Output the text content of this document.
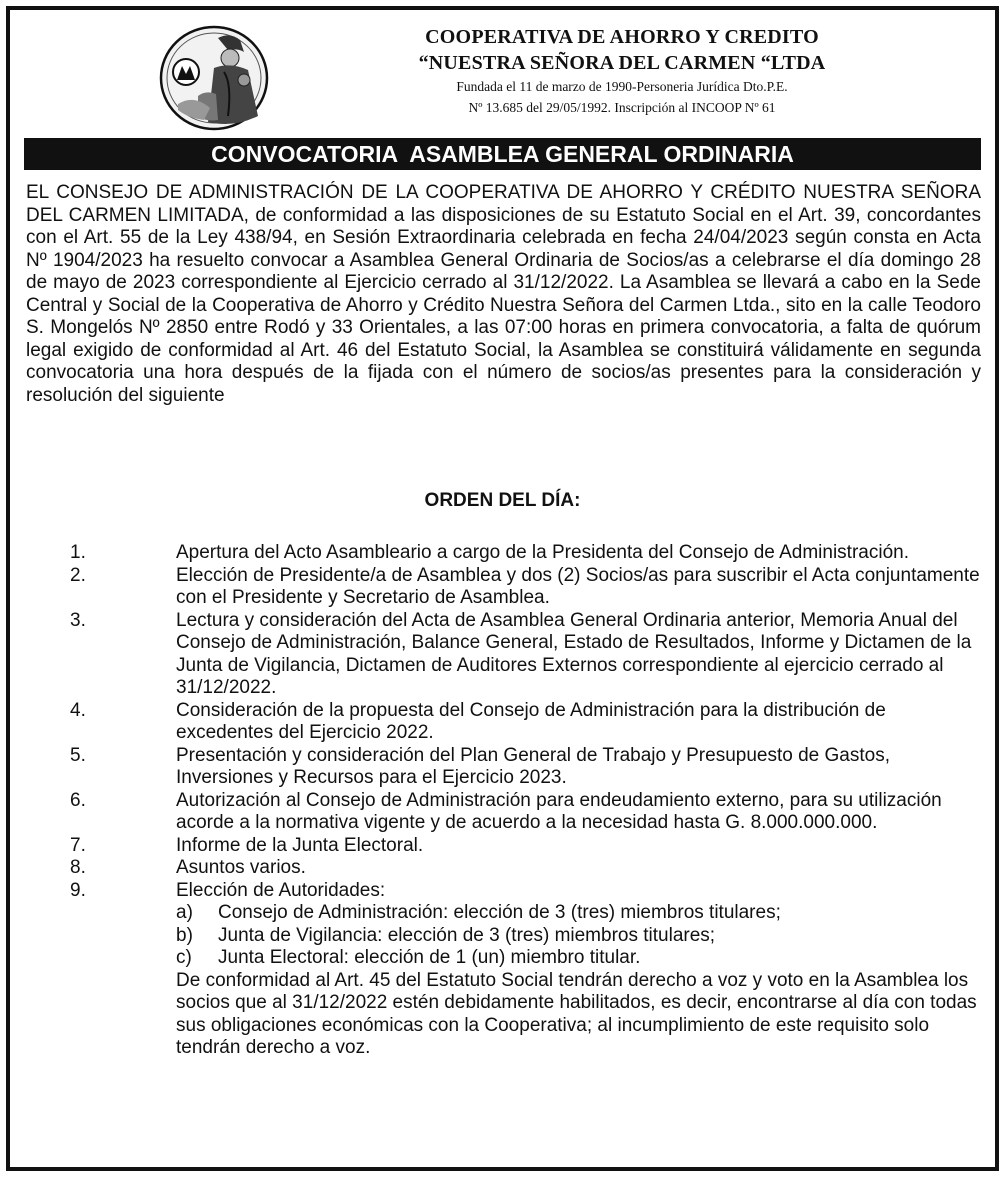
COOPERATIVA DE AHORRO Y CREDITO
“NUESTRA SEÑORA DEL CARMEN “LTDA
Fundada el 11 de marzo de 1990-Personeria Jurídica Dto.P.E.
Nº 13.685 del 29/05/1992. Inscripción al INCOOP Nº 61
CONVOCATORIA  ASAMBLEA GENERAL ORDINARIA

EL CONSEJO DE ADMINISTRACIÓN DE LA COOPERATIVA DE AHORRO Y CRÉDITO NUESTRA SEÑORA DEL CARMEN LIMITADA, de conformidad a las disposiciones de su Estatuto Social en el Art. 39, concordantes con el Art. 55 de la Ley 438/94, en Sesión Extraordinaria celebrada en fecha 24/04/2023 según consta en Acta Nº 1904/2023 ha resuelto convocar a Asamblea General Ordinaria de Socios/as a celebrarse el día domingo 28 de mayo de 2023 correspondiente al Ejercicio cerrado al 31/12/2022. La Asamblea se llevará a cabo en la Sede Central y Social de la Cooperativa de Ahorro y Crédito Nuestra Señora del Carmen Ltda., sito en la calle Teodoro S. Mongelós Nº 2850 entre Rodó y 33 Orientales, a las 07:00 horas en primera convocatoria, a falta de quórum legal exigido de conformidad al Art. 46 del Estatuto Social, la Asamblea se constituirá válidamente en segunda convocatoria una hora después de la fijada con el número de socios/as presentes para la consideración y resolución del siguiente

ORDEN DEL DÍA:
1.	Apertura del Acto Asambleario a cargo de la Presidenta del Consejo de Administración.
2.	Elección de Presidente/a de Asamblea y dos (2) Socios/as para suscribir el Acta conjuntamente con el Presidente y Secretario de Asamblea.
3.	Lectura y consideración del Acta de Asamblea General Ordinaria anterior, Memoria Anual del Consejo de Administración, Balance General, Estado de Resultados, Informe y Dictamen de la Junta de Vigilancia, Dictamen de Auditores Externos correspondiente al ejercicio cerrado al 31/12/2022.
4.	Consideración de la propuesta del Consejo de Administración para la distribución de excedentes del Ejercicio 2022.
5.	Presentación y consideración del Plan General de Trabajo y Presupuesto de Gastos, Inversiones y Recursos para el Ejercicio 2023.
6.	Autorización al Consejo de Administración para endeudamiento externo, para su utilización acorde a la normativa vigente y de acuerdo a la necesidad hasta G. 8.000.000.000.
7.	Informe de la Junta Electoral.
8.	Asuntos varios.
9.	Elección de Autoridades:
a) Consejo de Administración: elección de 3 (tres) miembros titulares;
b) Junta de Vigilancia: elección de 3 (tres) miembros titulares;
c) Junta Electoral: elección de 1 (un) miembro titular.
De conformidad al Art. 45 del Estatuto Social tendrán derecho a voz y voto en la Asamblea los socios que al 31/12/2022 estén debidamente habilitados, es decir, encontrarse al día con todas sus obligaciones económicas con la Cooperativa; al incumplimiento de este requisito solo tendrán derecho a voz.
